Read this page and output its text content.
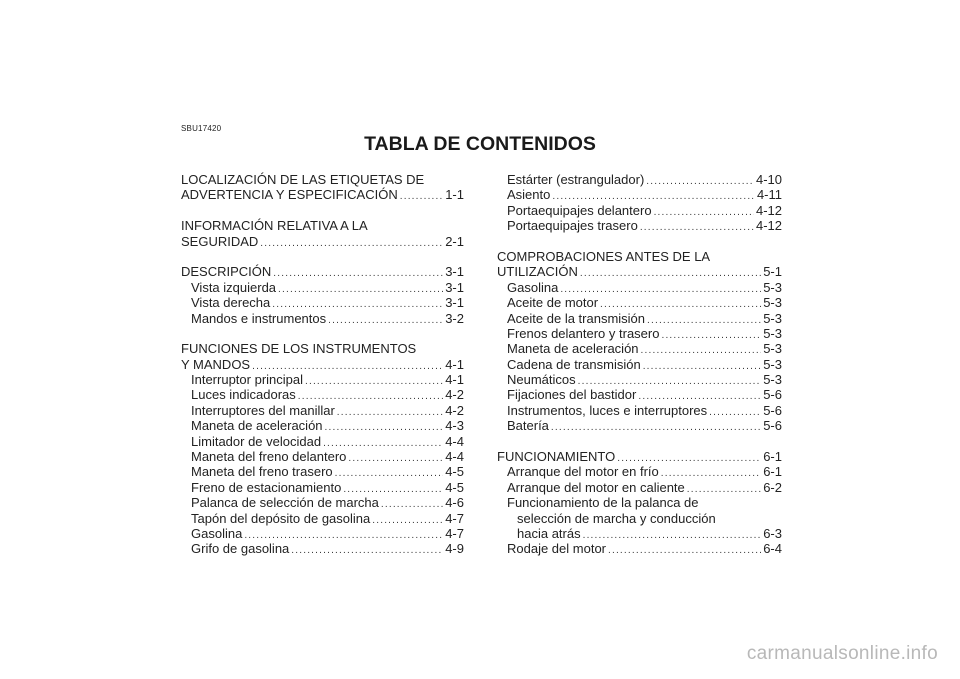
SBU17420
TABLA DE CONTENIDOS
LOCALIZACIÓN DE LAS ETIQUETAS DE
ADVERTENCIA Y ESPECIFICACIÓN .....	1-1
INFORMACIÓN RELATIVA A LA
SEGURIDAD .....	2-1
DESCRIPCIÓN .....	3-1
Vista izquierda .....	3-1
Vista derecha .....	3-1
Mandos e instrumentos .....	3-2
FUNCIONES DE LOS INSTRUMENTOS
Y MANDOS .....	4-1
Interruptor principal .....	4-1
Luces indicadoras .....	4-2
Interruptores del manillar .....	4-2
Maneta de aceleración .....	4-3
Limitador de velocidad .....	4-4
Maneta del freno delantero .....	4-4
Maneta del freno trasero .....	4-5
Freno de estacionamiento .....	4-5
Palanca de selección de marcha .....	4-6
Tapón del depósito de gasolina .....	4-7
Gasolina .....	4-7
Grifo de gasolina .....	4-9
Estárter (estrangulador) .....	4-10
Asiento .....	4-11
Portaequipajes delantero .....	4-12
Portaequipajes trasero .....	4-12
COMPROBACIONES ANTES DE LA
UTILIZACIÓN .....	5-1
Gasolina .....	5-3
Aceite de motor .....	5-3
Aceite de la transmisión .....	5-3
Frenos delantero y trasero .....	5-3
Maneta de aceleración .....	5-3
Cadena de transmisión .....	5-3
Neumáticos .....	5-3
Fijaciones del bastidor .....	5-6
Instrumentos, luces e interruptores .....	5-6
Batería .....	5-6
FUNCIONAMIENTO .....	6-1
Arranque del motor en frío .....	6-1
Arranque del motor en caliente .....	6-2
Funcionamiento de la palanca de
selección de marcha y conducción
hacia atrás .....	6-3
Rodaje del motor .....	6-4
carmanualsonline.info
